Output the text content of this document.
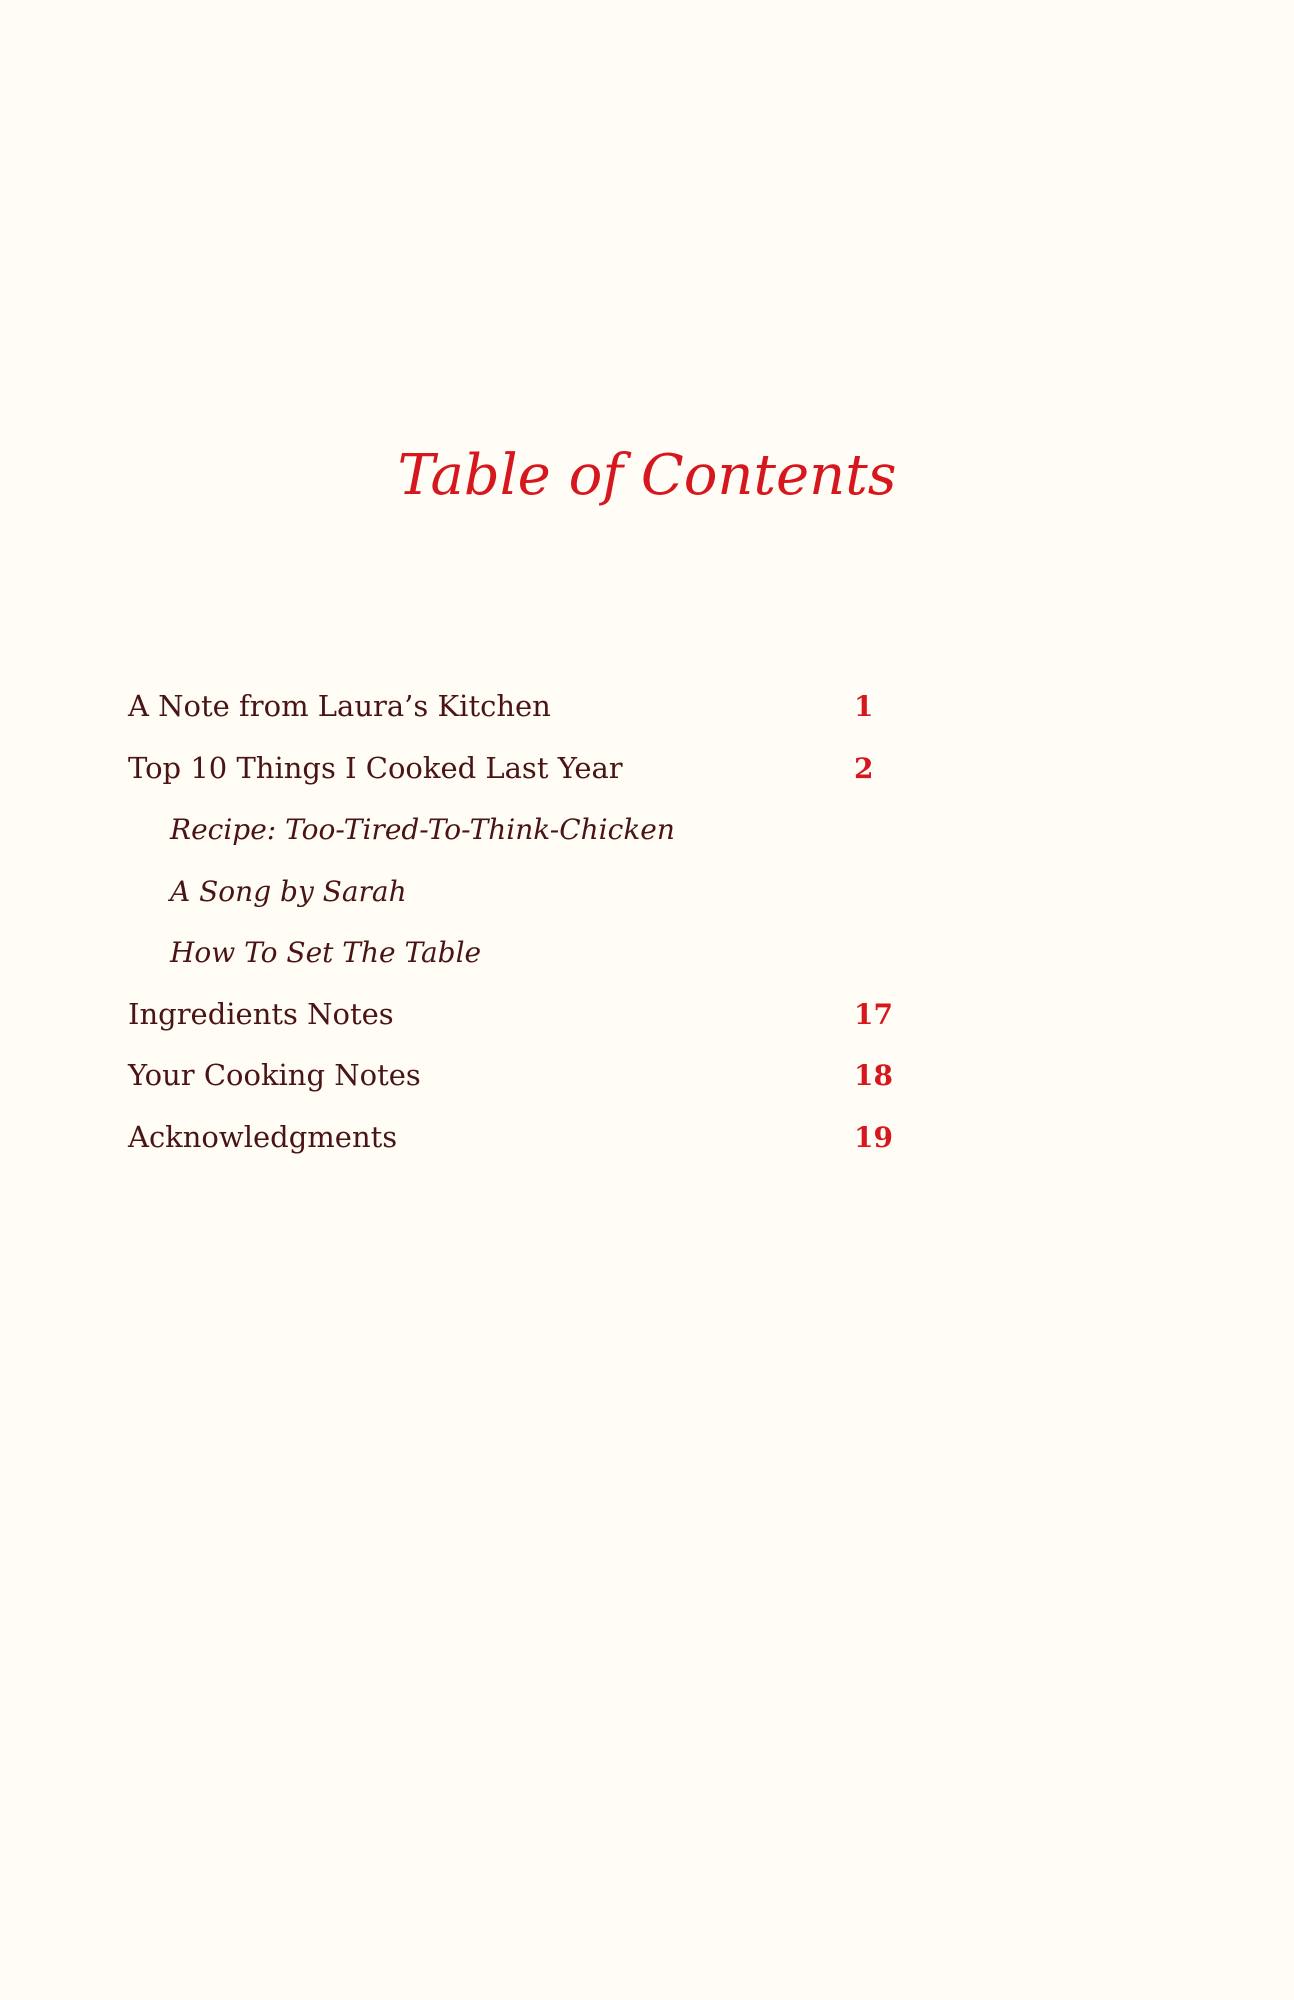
Table of Contents
A Note from Laura’s Kitchen	1
Top 10 Things I Cooked Last Year	2
Recipe: Too-Tired-To-Think-Chicken
A Song by Sarah
How To Set The Table
Ingredients Notes	17
Your Cooking Notes	18
Acknowledgments	19
